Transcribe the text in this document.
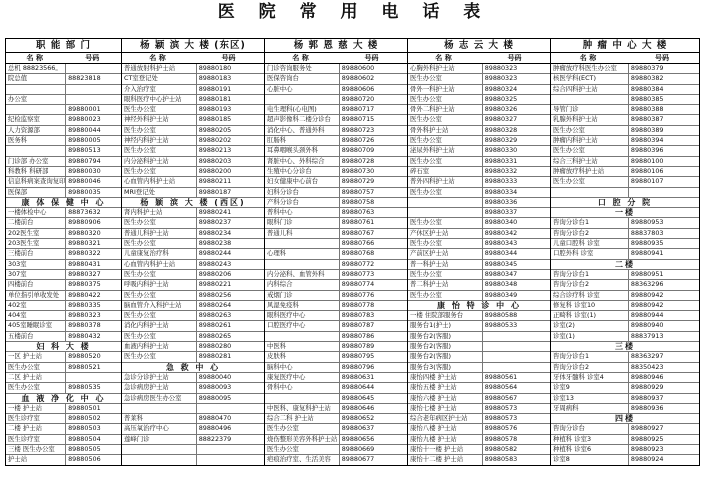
医 院 常 用 电 话 表
职 能 部 门
名 称	号码
总机 88823566。
院总值	88823818
办公室
89880001
纪检监察室	89880023
人力资源部	89880044
医务科	89880005
89880513
门诊部 办公室	89880794
科教科 科研部	89880030
信息科病案查询复印 89880046
医保部	89880035
康 体 保 健 中 心
一楼体检中心	88873632
二楼前台	89880906
202医生室	89880320
203医生室	89880321
三楼前台	89880322
303室	89880431
307室	89880327
四楼前台	89880375
单位指引单收发处	89880422
402室	89880335
404室	89880323
405室睡眠诊室	89880378
五楼前台	89880432
妇 科 大 楼
一区 护士站	89880520
医生办公室	89880521
二区 护士站
医生办公室	89880535
血 液 净 化 中 心
一楼 护士站	89880501
医生诊疗室	89880502
二楼 护士站	89880503
医生诊疗室	89880504
三楼 医生办公室	89880505
护士站	89880506
杨 颖 滨 大 楼 (东区)
名 称	号码
普通放射科护士站	89880180
CT室登记处	89880183
介入治疗室	89880191
眼科医疗中心护士站	89880181
医生办公室	89880193
神经外科护士站	89880185
医生办公室	89880205
神经内科护士站	89880202
医生办公室	89880213
内分泌科护士站	89880203
医生办公室	89880200
心血管内科护士站	89880211
MRI登记处	89880187
杨 颖 滨 大 楼 (西区)
肾内科护士站	89880241
医生办公室	89880237
普通儿科护士站	89880234
医生办公室	89880238
儿童康复治疗科	89880244
心血管内科护士站	89880243
医生办公室	89880206
呼吸内科护士站	89880221
医生办公室	89880256
脑血管介入科护士站	89880264
医生办公室	89880263
消化内科护士站	89880261
医生办公室	89880265
血液内科护士站	89880280
医生办公室	89880281
急 救 中 心
急诊分诊护士站	89880040
急诊病房护士站	89880093
急诊病房医生办公室	89880095
普莱科	89880470
高压氧治疗中心	89880496
莲峰门诊	88822379
杨 郭 恩 慈 大 楼
名 称	号码
门诊咨询服务处	89880600
医保咨询台	89880602
心脏中心	89880606
89880720
电生理科(心电图)	89880717
超声影像科二楼分诊台	89880715
消化中心、普通外科	89880723
肛肠科	89880726
耳鼻咽喉头颈外科	89880709
肾脏中心、外科综合	89880728
生殖中心分诊台	89880730
妇女健康中心前台	89880729
妇科分诊台	89880757
产科分诊台	89880758
普科中心	89880763
眼科门诊	89880761
普通儿科	89880767
89880766
心理科	89880768
89880772
内分泌科、血管外科	89880773
内科综合	89880774
戒烟门诊	89880776
风湿免疫科	89880778
眼科医疗中心	89880783
口腔医疗中心	89880787
89880786
中医科	89880789
皮肤科	89880795
脑科中心	89880796
康复医疗中心	89880631
骨科中心	89880644
89880645
中医科、康复科护士站	89880646
综合二科 护士站	89880652
医生办公室	89880637
烧伤整形美容外科护士站 89880656
医生办公室	89880669
疤痕治疗室、生活美容	89880677
杨 志 云 大 楼
名 称	号码
心胸外科护士站	89880323
医生办公室	89880323
骨外一科护士站	89880324
医生办公室	89880325
骨外二科护士站	89880326
医生办公室	89880327
骨外科护士站	89880328
医生办公室	89880329
泌尿外科护士站	89880330
医生办公室	89880331
碎石室	89880332
普外四科护士站	89880333
医生办公室	89880334
89880336
89880337
医生办公室	89880340
产休区护士站	89880342
医生办公室	89880343
产前区护士站	89880344
普一科护士站	89880345
医生办公室	89880347
普二科护士站	89880348
医生办公室	89880349
康 怡 特 诊 中 心
一楼 住院部服务台	89880588
服务台1(护士)	89880533
服务台2(客服)
服务台2(客服)
服务台2(客服)
服务台3(客服)
康怡四楼 护士站	89880561
康怡五楼 护士站	89880564
康怡六楼 护士站	89880567
康怡七楼 护士站	89880573
综合老年病区护士站	89880573
康怡八楼 护士站	89880576
康怡九楼 护士站	89880578
康怡十一楼 护士站	89880582
康怡十二楼 护士站	89880583
肿 瘤 中 心 大 楼
名 称	号码
肿瘤放疗科医生办公室	89880379
核医学科(ECT)	89880382
综合四科护士站	89880384
89880385
导管门诊	89880388
乳腺外科护士站	89880387
医生办公室	89880389
肿瘤内科护士站	89880394
医生办公室	89880396
综合三科护士站	89880100
肿瘤放疗科护士站	89880106
医生办公室	89880107
口 腔 分 院
一楼
咨询分诊台1	89880953
咨询分诊台2	88837803
儿童口腔科 诊室	89880935
口腔外科 诊室	89880941
二楼
咨询分诊台1	89880951
咨询分诊台2	88363296
综合诊疗科 诊室	89880942
修复科 诊室10	89880942
正畸科 诊室(1)	89880944
诊室(2)	89880940
诊室(1)	88837913
三楼
咨询分诊台1	88363297
咨询分诊台2	88350423
牙体牙髓科 诊室4	89880946
诊室9	89880929
诊室13	89880937
牙周病科	89880936
四楼
咨询分诊台	89880927
种植科 诊室3	89880925
种植科 诊室6	89880923
诊室8	89880924
